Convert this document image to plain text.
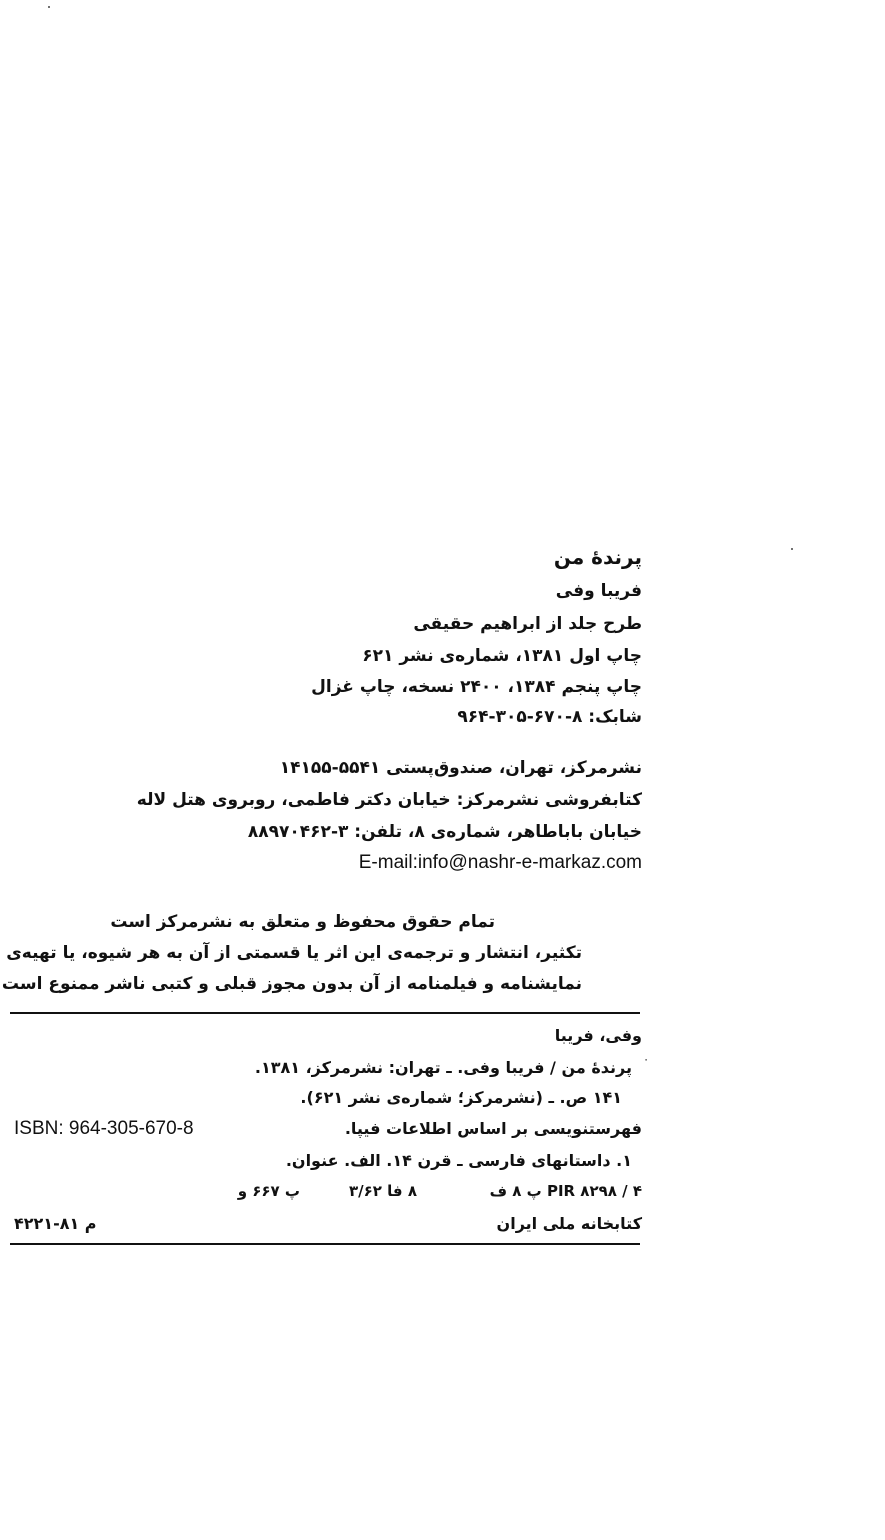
پرندهٔ من
فریبا وفی
طرح جلد از ابراهیم حقیقی
چاپ اول ۱۳۸۱، شماره‌ی نشر ۶۲۱
چاپ پنجم ۱۳۸۴، ۲۴۰۰ نسخه، چاپ غزال
شابک: ۸-۶۷۰-۳۰۵-۹۶۴
نشرمرکز، تهران، صندوق‌پستی ۵۵۴۱-۱۴۱۵۵
کتابفروشی نشرمرکز: خیابان دکتر فاطمی، روبروی هتل لاله
خیابان باباطاهر، شماره‌ی ۸، تلفن: ۳-۸۸۹۷۰۴۶۲
E-mail:info@nashr-e-markaz.com
تمام حقوق محفوظ و متعلق به نشرمرکز است
تکثیر، انتشار و ترجمه‌ی این اثر یا قسمتی از آن به هر شیوه، یا تهیه‌ی
نمایشنامه و فیلمنامه از آن بدون مجوز قبلی و کتبی ناشر ممنوع است
وفی، فریبا
٠
پرندهٔ من / فریبا وفی. ـ تهران: نشرمرکز، ۱۳۸۱.
۱۴۱ ص. ـ (نشرمرکز؛ شماره‌ی نشر ۶۲۱).
فهرستنویسی بر اساس اطلاعات فیپا.
ISBN: 964-305-670-8
۱. داستانهای فارسی ـ قرن ۱۴. الف. عنوان.
PIR ۸۲۹۸ / ۴ پ ۸ ف
۸ فا ۳/۶۲
پ ۶۶۷ و
کتابخانه ملی ایران
م ۸۱-۴۲۲۱
